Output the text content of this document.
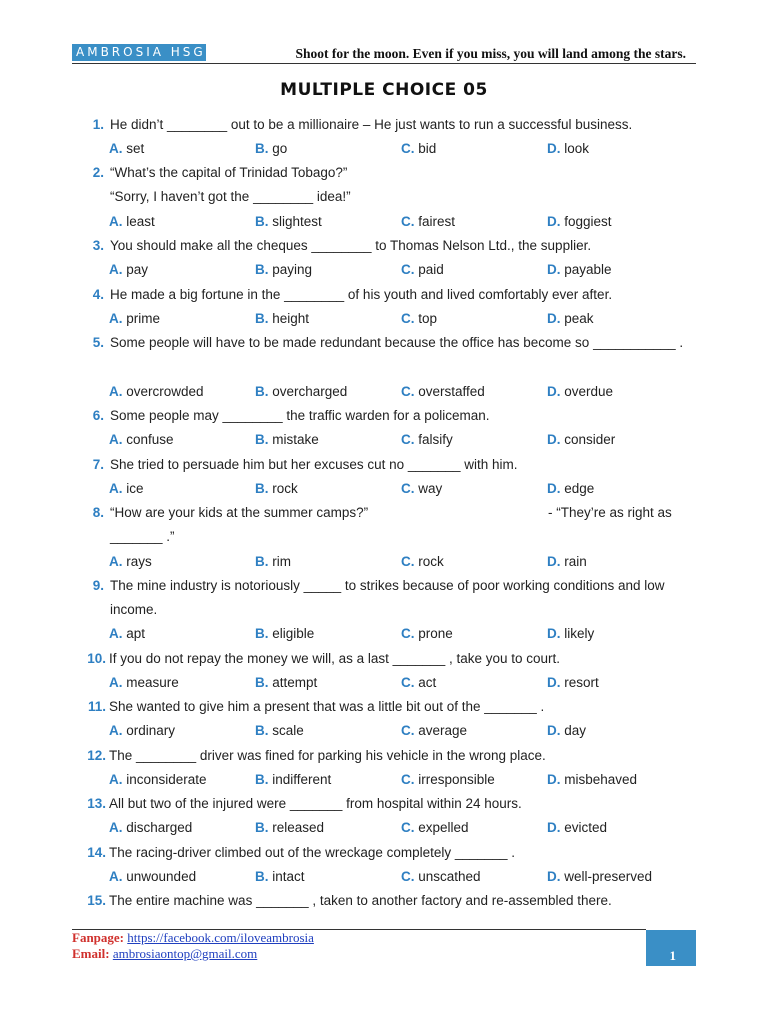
AMBROSIA HSG	Shoot for the moon. Even if you miss, you will land among the stars.
MULTIPLE CHOICE 05
1. He didn’t ________ out to be a millionaire – He just wants to run a successful business.
A. set	B. go	C. bid	D. look
2. “What’s the capital of Trinidad Tobago?”
“Sorry, I haven’t got the ________ idea!”
A. least	B. slightest	C. fairest	D. foggiest
3. You should make all the cheques ________ to Thomas Nelson Ltd., the supplier.
A. pay	B. paying	C. paid	D. payable
4. He made a big fortune in the ________ of his youth and lived comfortably ever after.
A. prime	B. height	C. top	D. peak
5. Some people will have to be made redundant because the office has become so ___________ .
A. overcrowded	B. overcharged	C. overstaffed	D. overdue
6. Some people may ________ the traffic warden for a policeman.
A. confuse	B. mistake	C. falsify	D. consider
7. She tried to persuade him but her excuses cut no _______ with him.
A. ice	B. rock	C. way	D. edge
8. “How are your kids at the summer camps?”	- “They’re as right as
_______ .”
A. rays	B. rim	C. rock	D. rain
9. The mine industry is notoriously _____ to strikes because of poor working conditions and low
income.
A. apt	B. eligible	C. prone	D. likely
10. If you do not repay the money we will, as a last _______ , take you to court.
A. measure	B. attempt	C. act	D. resort
11. She wanted to give him a present that was a little bit out of the _______ .
A. ordinary	B. scale	C. average	D. day
12. The ________ driver was fined for parking his vehicle in the wrong place.
A. inconsiderate	B. indifferent	C. irresponsible	D. misbehaved
13. All but two of the injured were _______ from hospital within 24 hours.
A. discharged	B. released	C. expelled	D. evicted
14. The racing-driver climbed out of the wreckage completely _______ .
A. unwounded	B. intact	C. unscathed	D. well-preserved
15. The entire machine was _______ , taken to another factory and re-assembled there.
Fanpage: https://facebook.com/iloveambrosia
Email: ambrosiaontop@gmail.com	1
